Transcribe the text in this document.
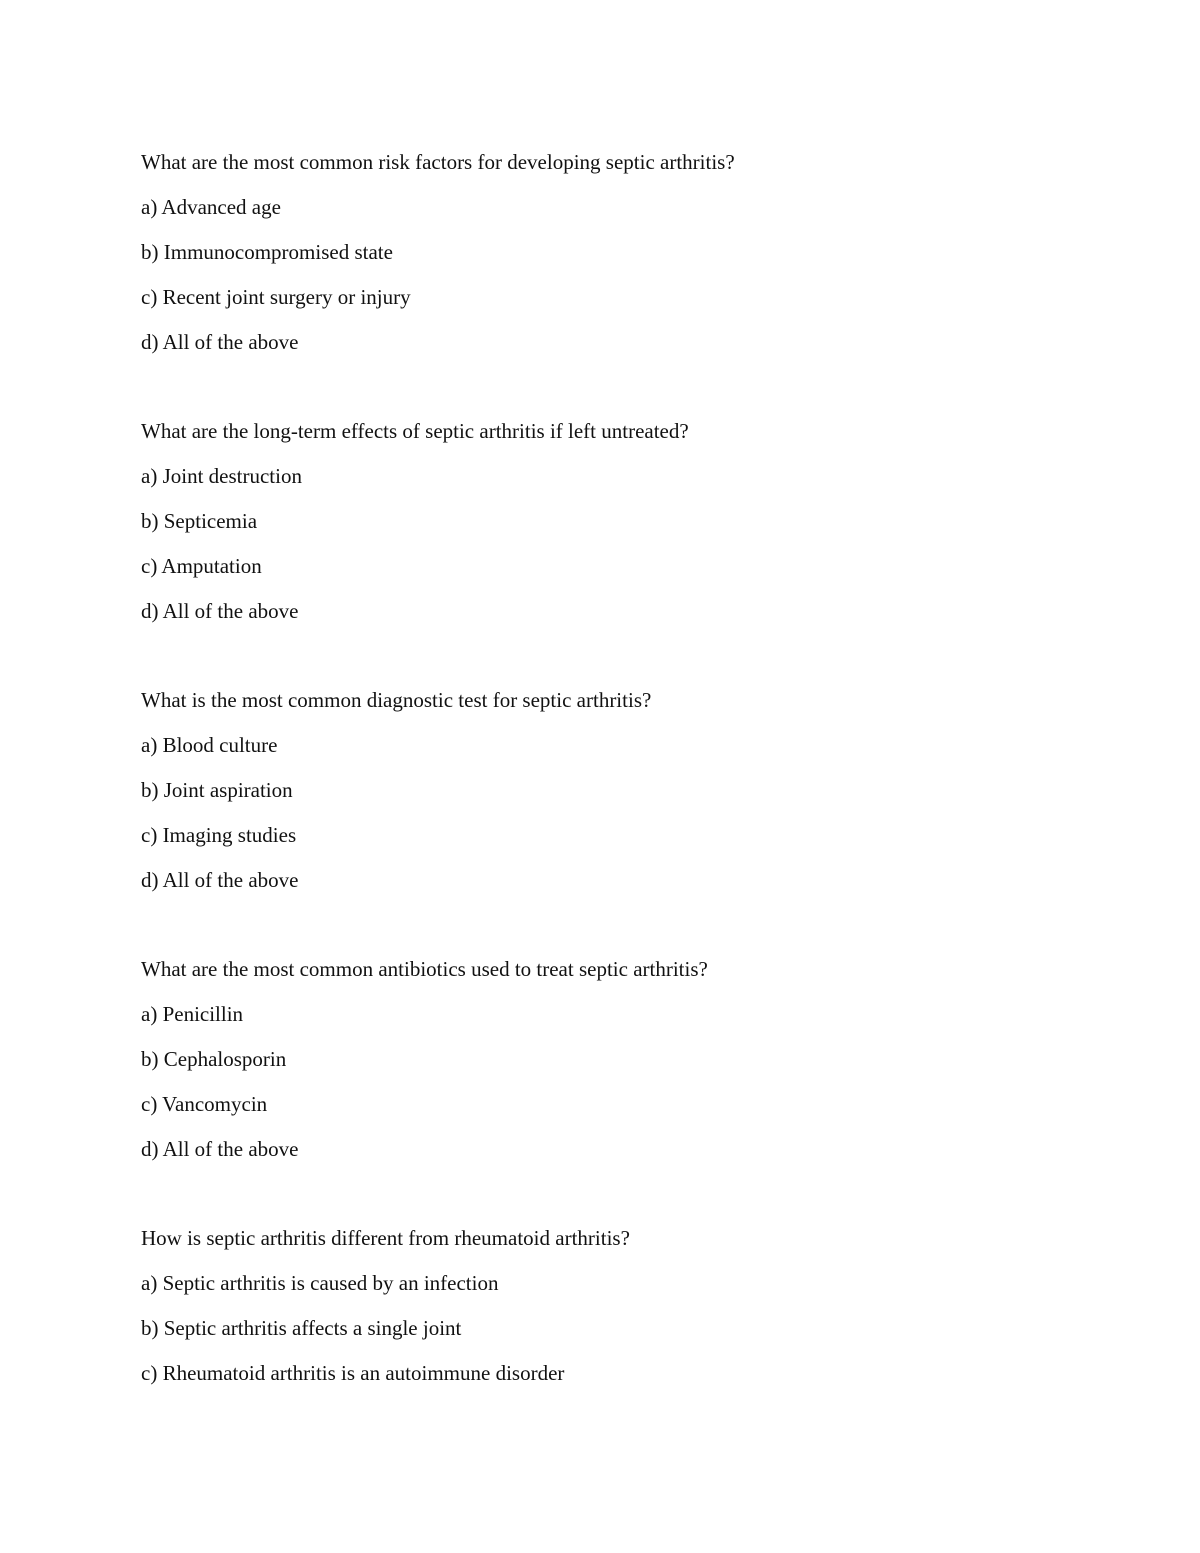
What are the most common risk factors for developing septic arthritis?
a) Advanced age
b) Immunocompromised state
c) Recent joint surgery or injury
d) All of the above
What are the long-term effects of septic arthritis if left untreated?
a) Joint destruction
b) Septicemia
c) Amputation
d) All of the above
What is the most common diagnostic test for septic arthritis?
a) Blood culture
b) Joint aspiration
c) Imaging studies
d) All of the above
What are the most common antibiotics used to treat septic arthritis?
a) Penicillin
b) Cephalosporin
c) Vancomycin
d) All of the above
How is septic arthritis different from rheumatoid arthritis?
a) Septic arthritis is caused by an infection
b) Septic arthritis affects a single joint
c) Rheumatoid arthritis is an autoimmune disorder
